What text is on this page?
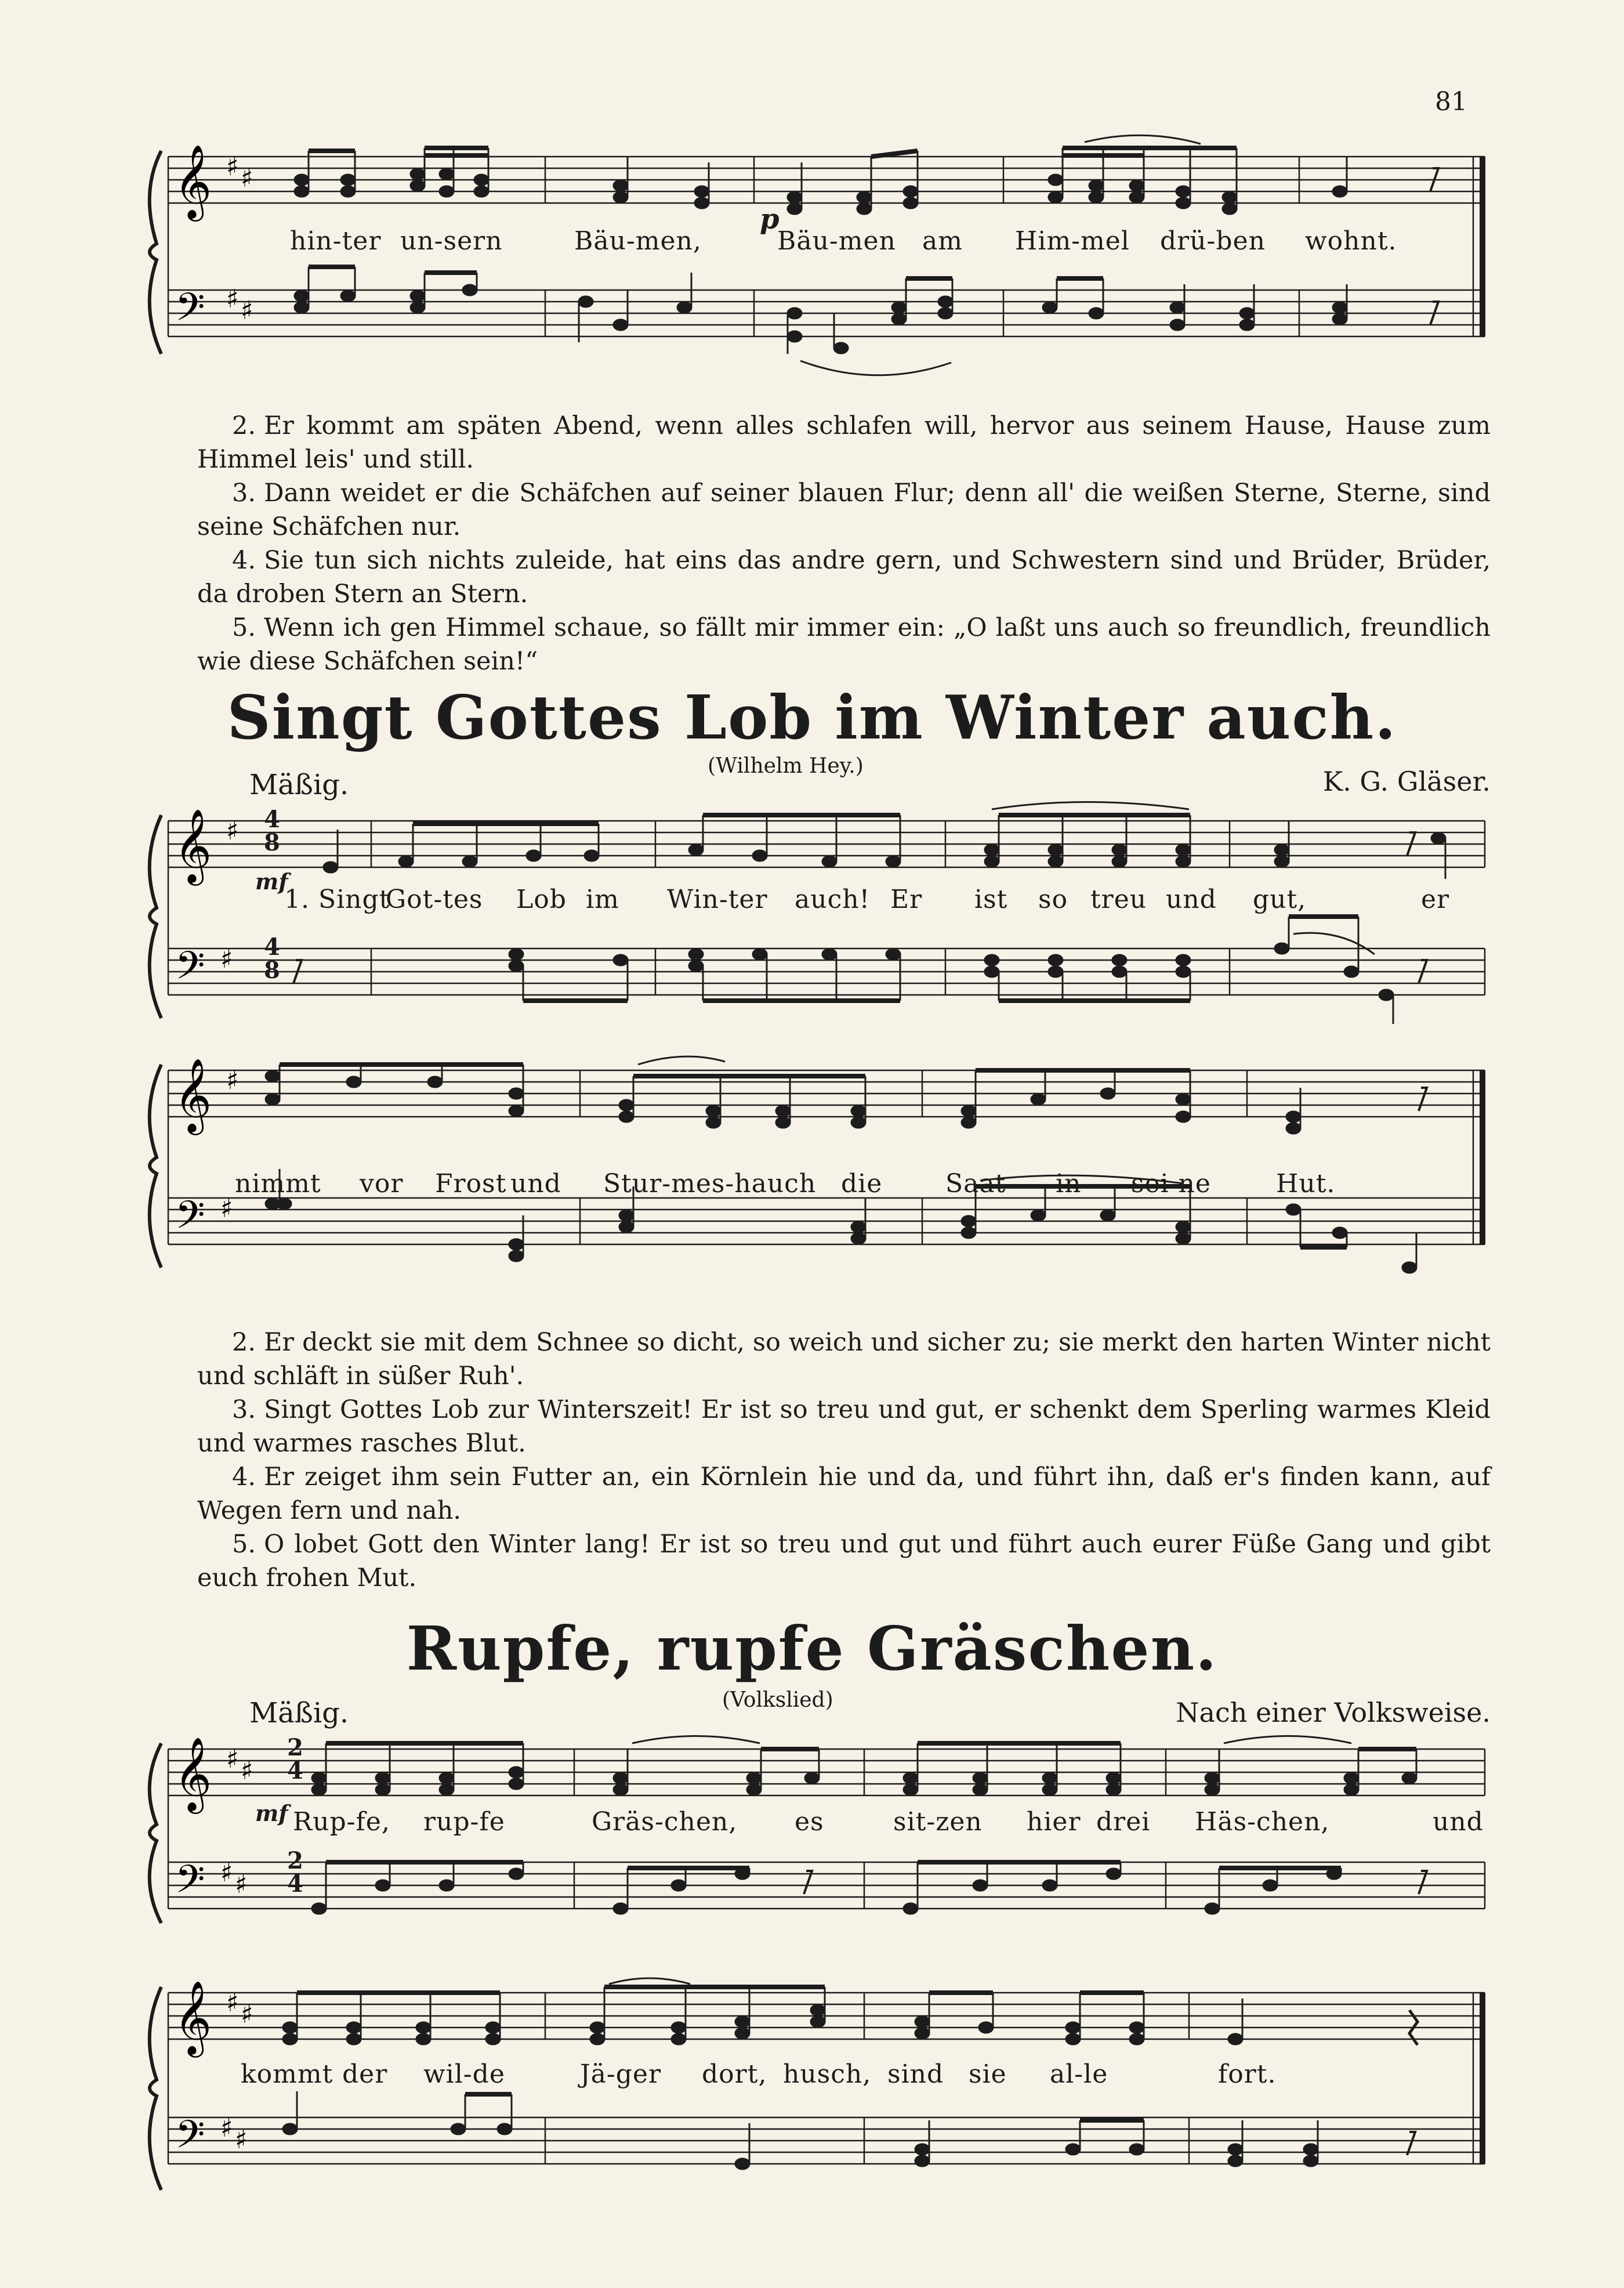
81
𝄞
𝄢
♯ ♯
♯ ♯
p
hin-ter un-sern	Bäu-men,	Bäu-men am Him-mel drü-ben wohnt.

2. Er kommt am späten Abend, wenn alles schlafen will, hervor aus seinem Hause, Hause zum Himmel leis' und still.

3. Dann weidet er die Schäfchen auf seiner blauen Flur; denn all' die weißen Sterne, Sterne, sind seine Schäfchen nur.

4. Sie tun sich nichts zuleide, hat eins das andre gern, und Schwestern sind und Brüder, Brüder, da droben Stern an Stern.

5. Wenn ich gen Himmel schaue, so fällt mir immer ein: „O laßt uns auch so freundlich, freundlich wie diese Schäfchen sein!“

Singt Gottes Lob im Winter auch.
(Wilhelm Hey.)
Mäßig.	K. G. Gläser.
𝄞
𝄢
♯
♯
4
8
4
8
mf
1. Singt
Got-tes Lob im Win-ter auch! Er ist so treu und gut,	er
𝄞
𝄢
♯
♯
nimmt vor Frost und Stur-mes-hauch die Saat in sei-ne	Hut.

2. Er deckt sie mit dem Schnee so dicht, so weich und sicher zu; sie merkt den harten Winter nicht und schläft in süßer Ruh'.

3. Singt Gottes Lob zur Winterszeit! Er ist so treu und gut, er schenkt dem Sperling warmes Kleid und warmes rasches Blut.

4. Er zeiget ihm sein Futter an, ein Körnlein hie und da, und führt ihn, daß er's finden kann, auf Wegen fern und nah.

5. O lobet Gott den Winter lang! Er ist so treu und gut und führt auch eurer Füße Gang und gibt euch frohen Mut.

Rupfe, rupfe Gräschen.
(Volkslied)
Mäßig.	Nach einer Volksweise.
𝄞
𝄢
♯ ♯
♯ ♯
2
4
2
4
mf Rup-fe, rup-fe	Gräs-chen, es	sit-zen hier drei Häs-chen,	und
𝄞
𝄢
♯ ♯
♯ ♯
kommt der wil-de	Jä-ger dort, husch, sind sie al-le	fort.
